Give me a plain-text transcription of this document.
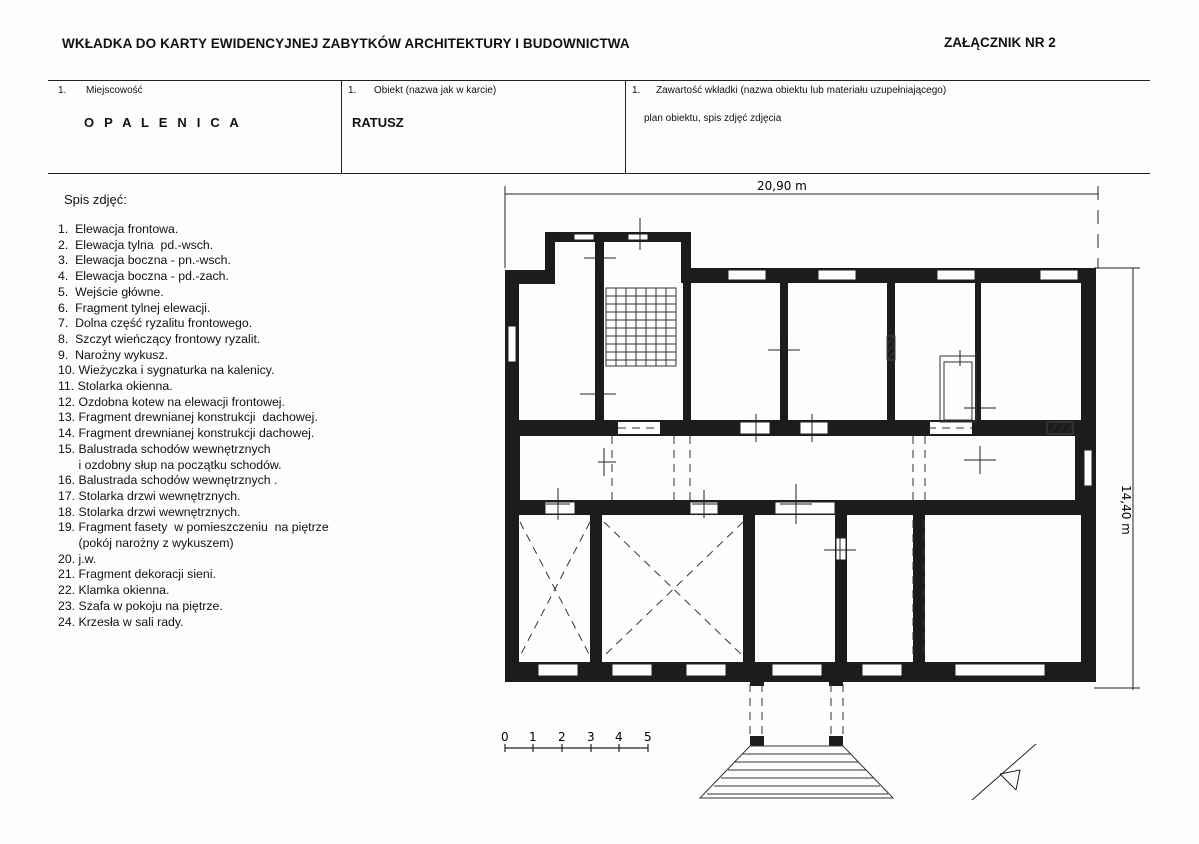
WKŁADKA DO KARTY EWIDENCYJNEJ ZABYTKÓW ARCHITEKTURY I BUDOWNICTWA	ZAŁĄCZNIK NR 2
1. Miejscowość
O P A L E N I C A
1. Obiekt (nazwa jak w karcie)
RATUSZ
1. Zawartość wkładki (nazwa obiektu lub materiału uzupełniającego)
plan obiektu, spis zdjęć zdjęcia
Spis zdjęć:
1.  Elewacja frontowa.
2.  Elewacja tylna  pd.-wsch.
3.  Elewacja boczna - pn.-wsch.
4.  Elewacja boczna - pd.-zach.
5.  Wejście główne.
6.  Fragment tylnej elewacji.
7.  Dolna część ryzalitu frontowego.
8.  Szczyt wieńczący frontowy ryzalit.
9.  Narożny wykusz.
10. Wieżyczka i sygnaturka na kalenicy.
11. Stolarka okienna.
12. Ozdobna kotew na elewacji frontowej.
13. Fragment drewnianej konstrukcji  dachowej.
14. Fragment drewnianej konstrukcji dachowej.
15. Balustrada schodów wewnętrznych
i ozdobny słup na początku schodów.
16. Balustrada schodów wewnętrznych .
17. Stolarka drzwi wewnętrznych.
18. Stolarka drzwi wewnętrznych.
19. Fragment fasety  w pomieszczeniu  na piętrze
(pokój narożny z wykuszem)
20. j.w.
21. Fragment dekoracji sieni.
22. Klamka okienna.
23. Szafa w pokoju na piętrze.
24. Krzesła w sali rady.
20,90 m
14,40 m
0 1 2 3 4 5
